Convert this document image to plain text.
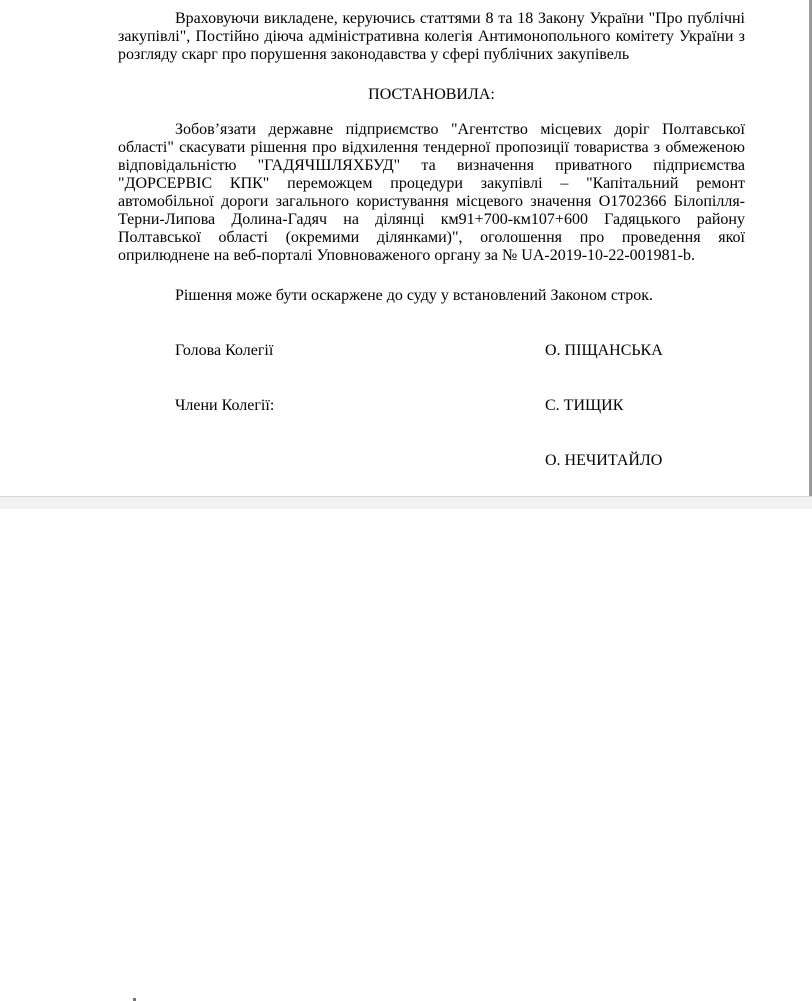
Враховуючи викладене, керуючись статтями 8 та 18 Закону України "Про публічні закупівлі", Постійно діюча адміністративна колегія Антимонопольного комітету України з розгляду скарг про порушення законодавства у сфері публічних закупівель

ПОСТАНОВИЛА:

Зобов’язати державне підприємство "Агентство місцевих доріг Полтавської області" скасувати рішення про відхилення тендерної пропозиції товариства з обмеженою відповідальністю "ГАДЯЧШЛЯХБУД" та визначення приватного підприємства "ДОРСЕРВІС КПК" переможцем процедури закупівлі – "Капітальний ремонт автомобільної дороги загального користування місцевого значення О1702366 Білопілля-Терни-Липова Долина-Гадяч на ділянці км91+700-км107+600 Гадяцького району Полтавської області (окремими ділянками)", оголошення про проведення якої оприлюднене на веб-порталі Уповноваженого органу за № UA-2019-10-22-001981-b.

Рішення може бути оскаржене до суду у встановлений Законом строк.

Голова Колегії	О. ПІЩАНСЬКА
Члени Колегії:	С. ТИЩИК
О. НЕЧИТАЙЛО
